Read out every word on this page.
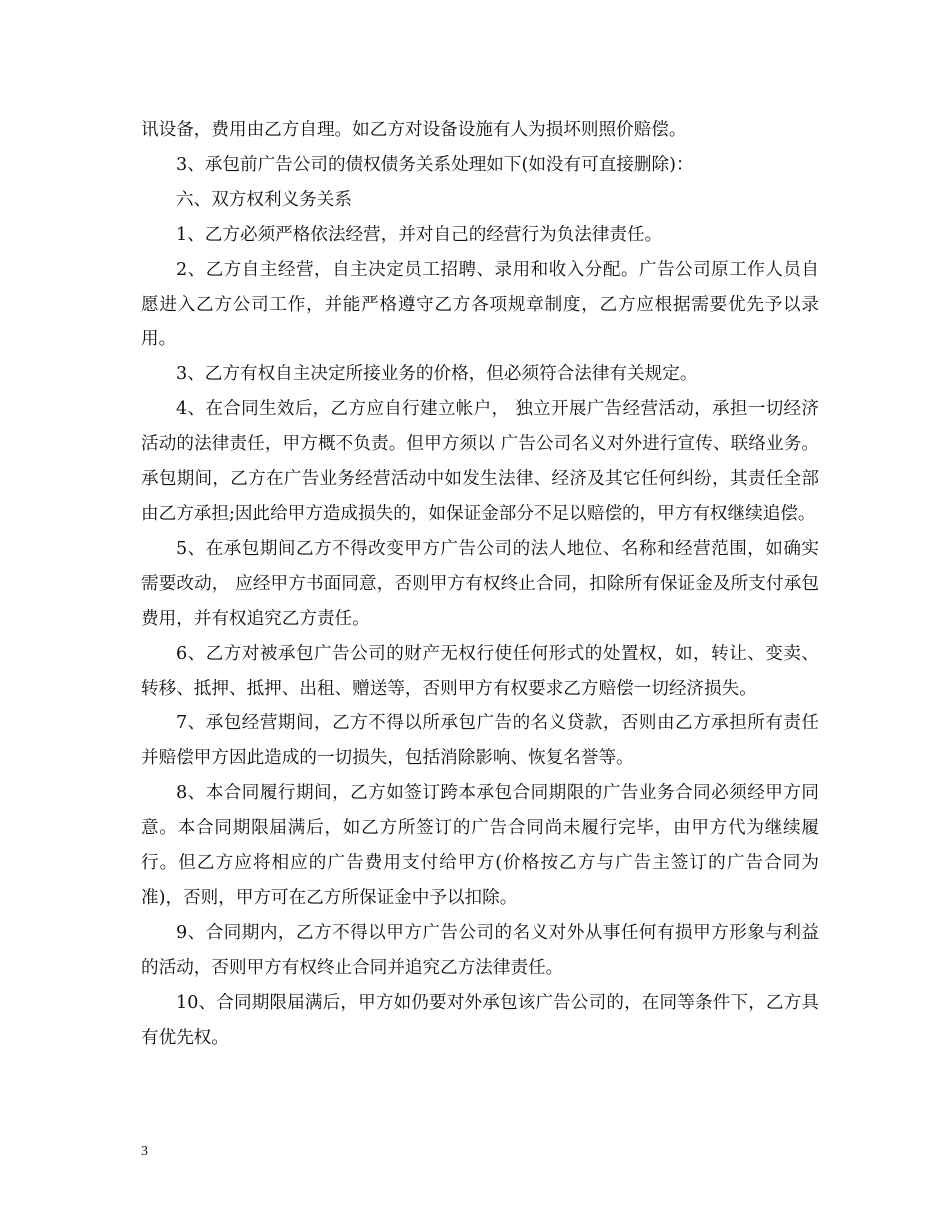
讯设备，费用由乙方自理。如乙方对设备设施有人为损坏则照价赔偿。

3、承包前广告公司的债权债务关系处理如下(如没有可直接删除)：

六、双方权利义务关系

1、乙方必须严格依法经营，并对自己的经营行为负法律责任。

2、乙方自主经营，自主决定员工招聘、录用和收入分配。广告公司原工作人员自愿进入乙方公司工作，并能严格遵守乙方各项规章制度，乙方应根据需要优先予以录用。

3、乙方有权自主决定所接业务的价格，但必须符合法律有关规定。

4、在合同生效后，乙方应自行建立帐户， 独立开展广告经营活动，承担一切经济活动的法律责任，甲方概不负责。但甲方须以 广告公司名义对外进行宣传、联络业务。承包期间，乙方在广告业务经营活动中如发生法律、经济及其它任何纠纷，其责任全部由乙方承担;因此给甲方造成损失的，如保证金部分不足以赔偿的，甲方有权继续追偿。

5、在承包期间乙方不得改变甲方广告公司的法人地位、名称和经营范围，如确实需要改动， 应经甲方书面同意，否则甲方有权终止合同，扣除所有保证金及所支付承包费用，并有权追究乙方责任。

6、乙方对被承包广告公司的财产无权行使任何形式的处置权，如，转让、变卖、转移、抵押、抵押、出租、赠送等，否则甲方有权要求乙方赔偿一切经济损失。

7、承包经营期间，乙方不得以所承包广告的名义贷款，否则由乙方承担所有责任并赔偿甲方因此造成的一切损失，包括消除影响、恢复名誉等。

8、本合同履行期间，乙方如签订跨本承包合同期限的广告业务合同必须经甲方同意。本合同期限届满后，如乙方所签订的广告合同尚未履行完毕，由甲方代为继续履行。但乙方应将相应的广告费用支付给甲方(价格按乙方与广告主签订的广告合同为准)，否则，甲方可在乙方所保证金中予以扣除。

9、合同期内，乙方不得以甲方广告公司的名义对外从事任何有损甲方形象与利益的活动，否则甲方有权终止合同并追究乙方法律责任。

10、合同期限届满后，甲方如仍要对外承包该广告公司的，在同等条件下，乙方具有优先权。

3
